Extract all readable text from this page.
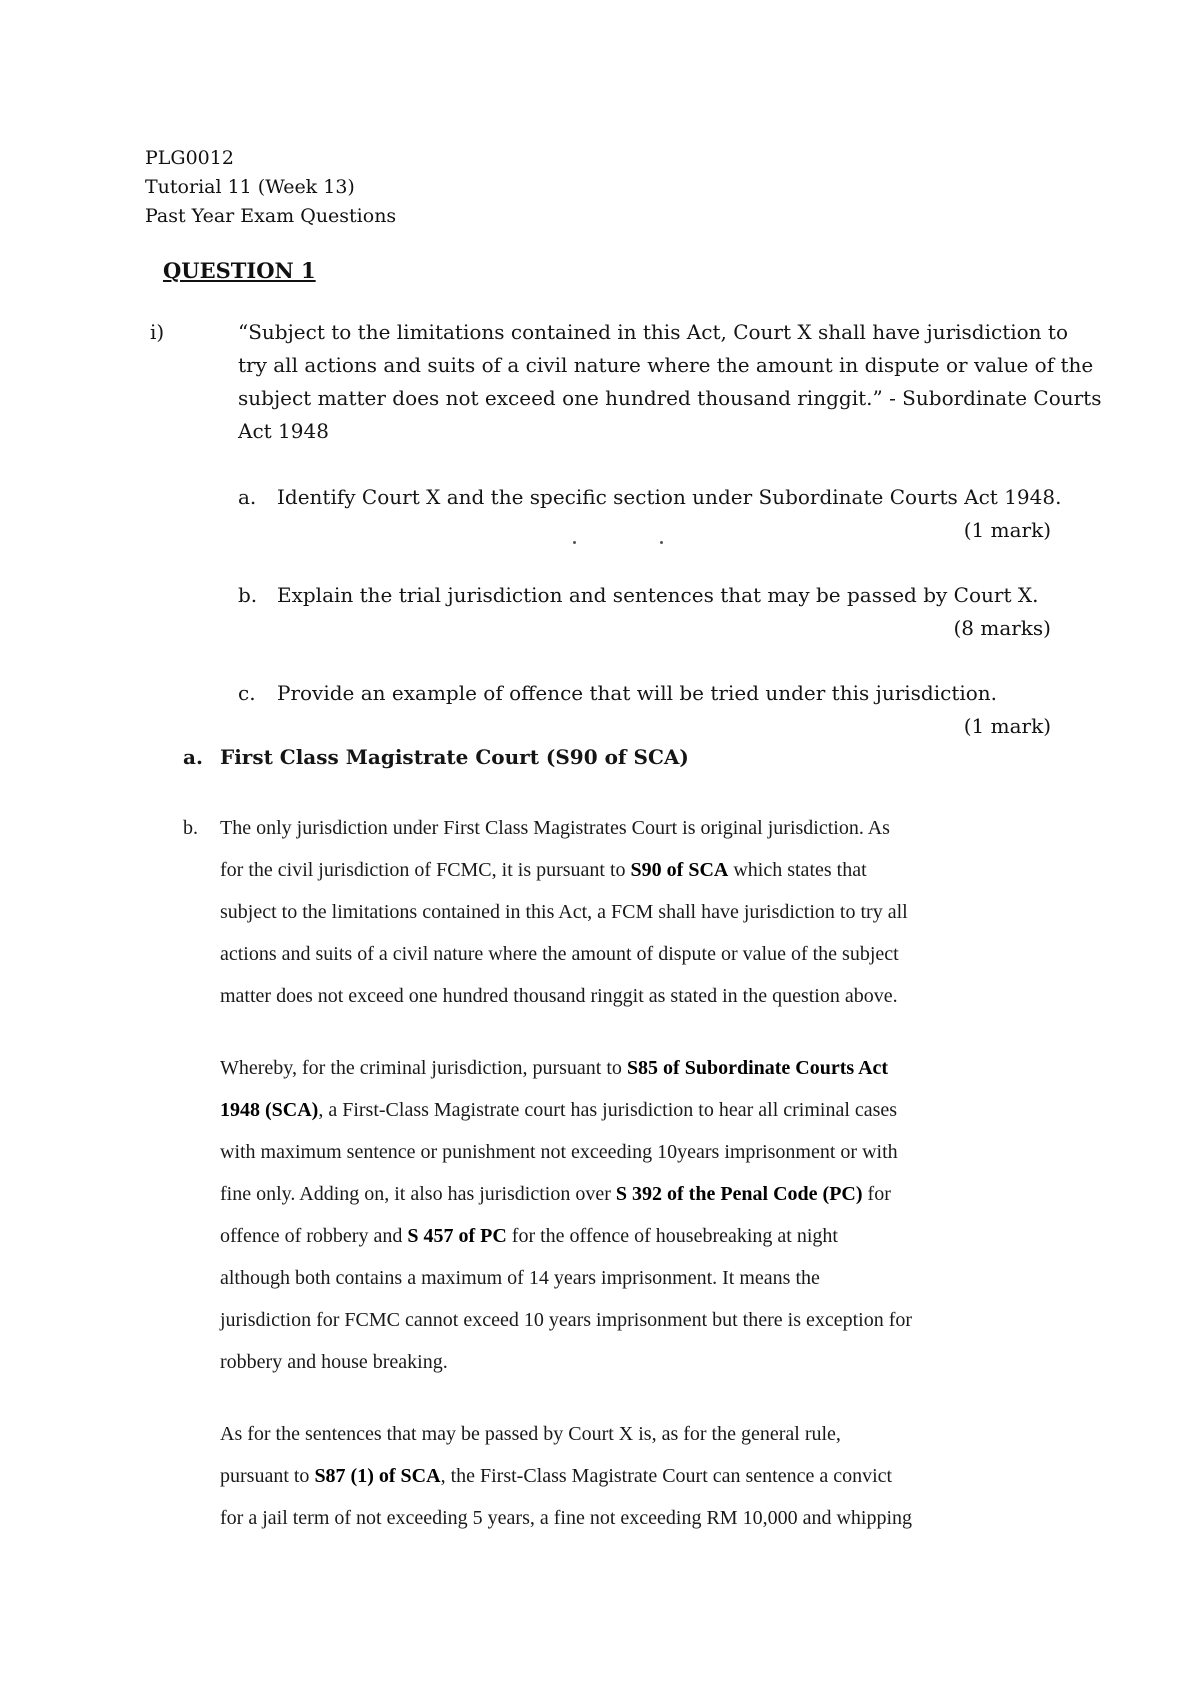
PLG0012
Tutorial 11 (Week 13)
Past Year Exam Questions
QUESTION 1
i)	“Subject to the limitations contained in this Act, Court X shall have jurisdiction to
try all actions and suits of a civil nature where the amount in dispute or value of the
subject matter does not exceed one hundred thousand ringgit.” - Subordinate Courts
Act 1948
a. Identify Court X and the specific section under Subordinate Courts Act 1948.
(1 mark)
b. Explain the trial jurisdiction and sentences that may be passed by Court X.
(8 marks)
c. Provide an example of offence that will be tried under this jurisdiction.
(1 mark)
a. First Class Magistrate Court (S90 of SCA)
b. The only jurisdiction under First Class Magistrates Court is original jurisdiction. As
for the civil jurisdiction of FCMC, it is pursuant to S90 of SCA which states that
subject to the limitations contained in this Act, a FCM shall have jurisdiction to try all
actions and suits of a civil nature where the amount of dispute or value of the subject
matter does not exceed one hundred thousand ringgit as stated in the question above.
Whereby, for the criminal jurisdiction, pursuant to S85 of Subordinate Courts Act
1948 (SCA), a First-Class Magistrate court has jurisdiction to hear all criminal cases
with maximum sentence or punishment not exceeding 10years imprisonment or with
fine only. Adding on, it also has jurisdiction over S 392 of the Penal Code (PC) for
offence of robbery and S 457 of PC for the offence of housebreaking at night
although both contains a maximum of 14 years imprisonment. It means the
jurisdiction for FCMC cannot exceed 10 years imprisonment but there is exception for
robbery and house breaking.
As for the sentences that may be passed by Court X is, as for the general rule,
pursuant to S87 (1) of SCA, the First-Class Magistrate Court can sentence a convict
for a jail term of not exceeding 5 years, a fine not exceeding RM 10,000 and whipping
